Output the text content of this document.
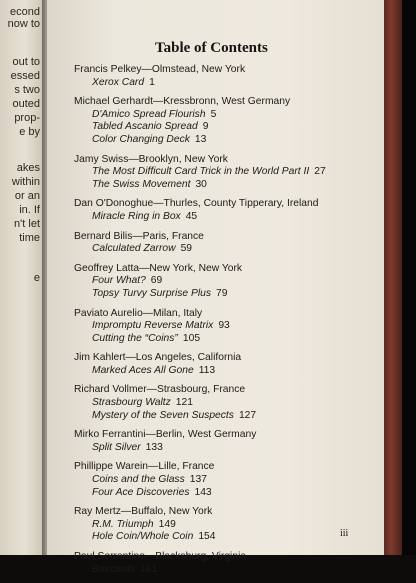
econd
now to
out to
essed
s two
outed
prop-
e by
akes
within
or an
in. If
n't let
time
e
Table of Contents
Francis Pelkey—Olmstead, New York
Xerox Card 1
Michael Gerhardt—Kressbronn, West Germany
D'Amico Spread Flourish 5
Tabled Ascanio Spread 9
Color Changing Deck 13
Jamy Swiss—Brooklyn, New York
The Most Difficult Card Trick in the World Part II 27
The Swiss Movement 30
Dan O'Donoghue—Thurles, County Tipperary, Ireland
Miracle Ring in Box 45
Bernard Bilis—Paris, France
Calculated Zarrow 59
Geoffrey Latta—New York, New York
Four What? 69
Topsy Turvy Surprise Plus 79
Paviato Aurelio—Milan, Italy
Impromptu Reverse Matrix 93
Cutting the “Coins” 105
Jim Kahlert—Los Angeles, California
Marked Aces All Gone 113
Richard Vollmer—Strasbourg, France
Strasbourg Waltz 121
Mystery of the Seven Suspects 127
Mirko Ferrantini—Berlin, West Germany
Split Silver 133
Phillippe Warein—Lille, France
Coins and the Glass 137
Four Ace Discoveries 143
Ray Mertz—Buffalo, New York
R.M. Triumph 149
Hole Coin/Whole Coin 154
Paul Sorrentino—Blacksburg, Virginia
Boxcards 161
iii
